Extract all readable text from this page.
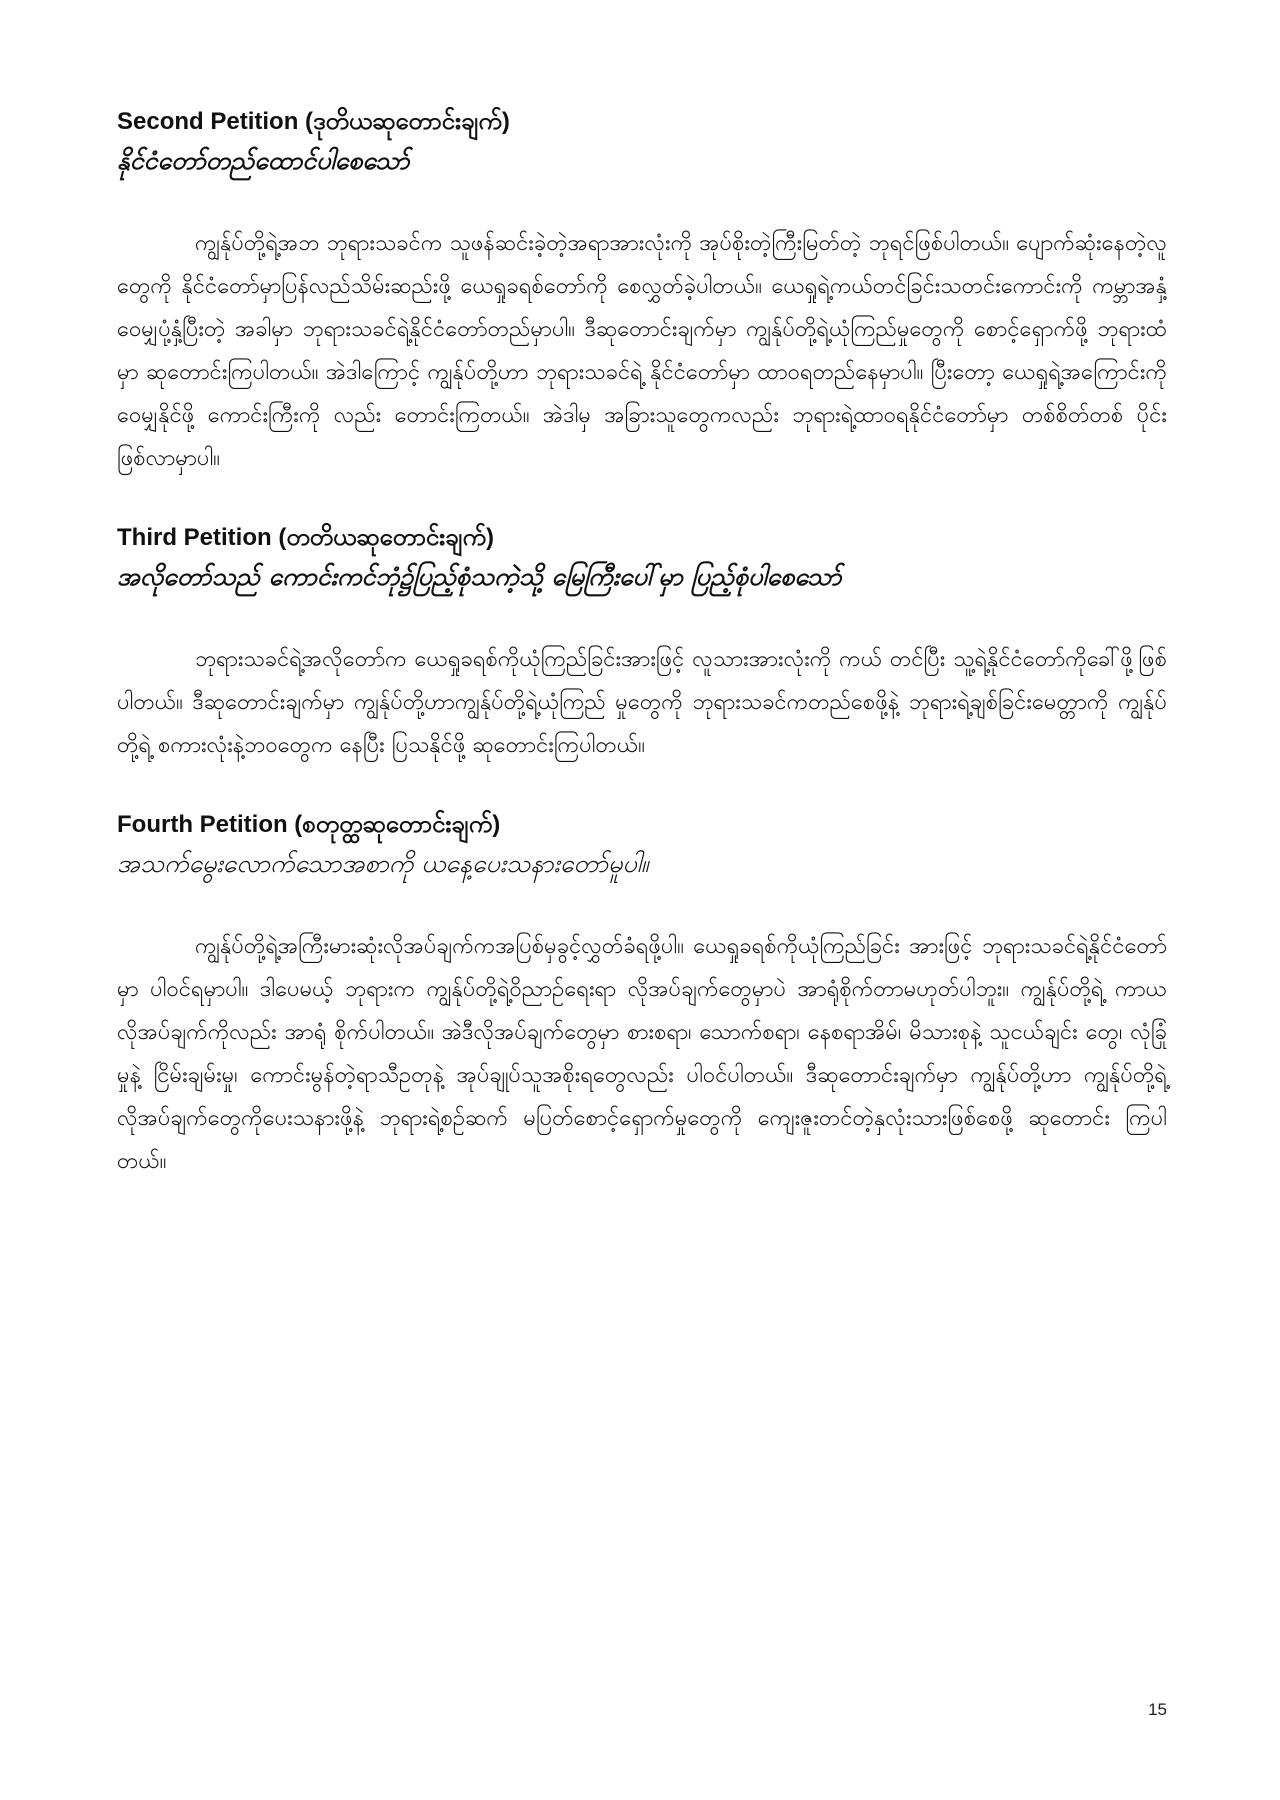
Second Petition (ဒုတိယဆုတောင်းချက်)

နိုင်ငံတော်တည်ထောင်ပါစေသော်

ကျွန်ုပ်တို့ရဲ့အဘ ဘုရားသခင်က သူဖန်ဆင်းခဲ့တဲ့အရာအားလုံးကို အုပ်စိုးတဲ့ကြီးမြတ်တဲ့ ဘုရင်ဖြစ်ပါတယ်။ ပျောက်ဆုံးနေတဲ့လူတွေကို နိုင်ငံတော်မှာပြန်လည်သိမ်းဆည်းဖို့ ယေရှုခရစ်တော်ကို စေလွှတ်ခဲ့ပါတယ်။ ယေရှုရဲ့ကယ်တင်ခြင်းသတင်းကောင်းကို ကမ္ဘာအနှံ့ဝေမျှပုံ့နှံ့ပြီးတဲ့ အခါမှာ ဘုရားသခင်ရဲ့နိုင်ငံတော်တည်မှာပါ။ ဒီဆုတောင်းချက်မှာ ကျွန်ုပ်တို့ရဲ့ယုံကြည်မှုတွေကို စောင့်ရှောက်ဖို့ ဘုရားထံမှာ ဆုတောင်းကြပါတယ်။ အဲဒါကြောင့် ကျွန်ုပ်တို့ဟာ ဘုရားသခင်ရဲ့ နိုင်ငံတော်မှာ ထာဝရတည်နေမှာပါ။ ပြီးတော့ ယေရှုရဲ့အကြောင်းကိုဝေမျှနိုင်ဖို့ ကောင်းကြီးကို လည်း တောင်းကြတယ်။ အဲဒါမှ အခြားသူတွေကလည်း ဘုရားရဲ့ထာဝရနိုင်ငံတော်မှာ တစ်စိတ်တစ် ပိုင်းဖြစ်လာမှာပါ။

Third Petition (တတိယဆုတောင်းချက်)

အလိုတော်သည် ကောင်းကင်ဘုံ၌ပြည့်စုံသကဲ့သို့ မြေကြီးပေါ်မှာ ပြည့်စုံပါစေသော်

ဘုရားသခင်ရဲ့အလိုတော်က ယေရှုခရစ်ကိုယုံကြည်ခြင်းအားဖြင့် လူသားအားလုံးကို ကယ် တင်ပြီး သူ့ရဲ့နိုင်ငံတော်ကိုခေါ်ဖို့ဖြစ်ပါတယ်။ ဒီဆုတောင်းချက်မှာ ကျွန်ုပ်တို့ဟာကျွန်ုပ်တို့ရဲ့ယုံကြည် မှုတွေကို ဘုရားသခင်ကတည်စေဖို့နဲ့ ဘုရားရဲ့ချစ်ခြင်းမေတ္တာကို ကျွန်ုပ်တို့ရဲ့ စကားလုံးနဲ့ဘဝတွေက နေပြီး ပြသနိုင်ဖို့ ဆုတောင်းကြပါတယ်။

Fourth Petition (စတုတ္ထဆုတောင်းချက်)

အသက်မွေးလောက်သောအစာကို ယနေ့ပေးသနားတော်မူပါ။

ကျွန်ုပ်တို့ရဲ့အကြီးမားဆုံးလိုအပ်ချက်ကအပြစ်မှခွင့်လွှတ်ခံရဖို့ပါ။ ယေရှုခရစ်ကိုယုံကြည်ခြင်း အားဖြင့် ဘုရားသခင်ရဲ့နိုင်ငံတော်မှာ ပါဝင်ရမှာပါ။ ဒါပေမယ့် ဘုရားက ကျွန်ုပ်တို့ရဲ့ဝိညာဉ်ရေးရာ လိုအပ်ချက်တွေမှာပဲ အာရုံစိုက်တာမဟုတ်ပါဘူး။ ကျွန်ုပ်တို့ရဲ့ ကာယလိုအပ်ချက်ကိုလည်း အာရုံ စိုက်ပါတယ်။ အဲဒီလိုအပ်ချက်တွေမှာ စားစရာ၊ သောက်စရာ၊ နေစရာအိမ်၊ မိသားစုနဲ့ သူငယ်ချင်း တွေ၊ လုံခြုံမှုနဲ့ ငြိမ်းချမ်းမှု၊ ကောင်းမွန်တဲ့ရာသီဥတုနဲ့ အုပ်ချုပ်သူအစိုးရတွေလည်း ပါဝင်ပါတယ်။ ဒီဆုတောင်းချက်မှာ ကျွန်ုပ်တို့ဟာ ကျွန်ုပ်တို့ရဲ့လိုအပ်ချက်တွေကိုပေးသနားဖို့နဲ့ ဘုရားရဲ့စဉ်ဆက် မပြတ်စောင့်ရှောက်မှုတွေကို ကျေးဇူးတင်တဲ့နှလုံးသားဖြစ်စေဖို့ ဆုတောင်း ကြပါတယ်။

15
